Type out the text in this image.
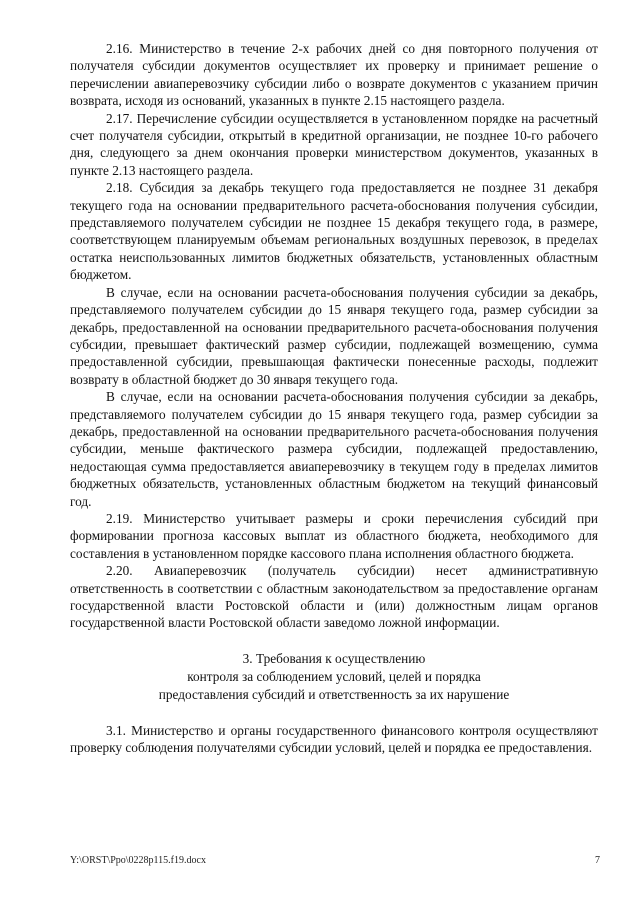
2.16. Министерство в течение 2-х рабочих дней со дня повторного получения от получателя субсидии документов осуществляет их проверку и принимает решение о перечислении авиаперевозчику субсидии либо о возврате документов с указанием причин возврата, исходя из оснований, указанных в пункте 2.15 настоящего раздела.

2.17. Перечисление субсидии осуществляется в установленном порядке на расчетный счет получателя субсидии, открытый в кредитной организации, не позднее 10-го рабочего дня, следующего за днем окончания проверки министерством документов, указанных в пункте 2.13 настоящего раздела.

2.18. Субсидия за декабрь текущего года предоставляется не позднее 31 декабря текущего года на основании предварительного расчета-обоснования получения субсидии, представляемого получателем субсидии не позднее 15 декабря текущего года, в размере, соответствующем планируемым объемам региональных воздушных перевозок, в пределах остатка неиспользованных лимитов бюджетных обязательств, установленных областным бюджетом.

В случае, если на основании расчета-обоснования получения субсидии за декабрь, представляемого получателем субсидии до 15 января текущего года, размер субсидии за декабрь, предоставленной на основании предварительного расчета-обоснования получения субсидии, превышает фактический размер субсидии, подлежащей возмещению, сумма предоставленной субсидии, превышающая фактически понесенные расходы, подлежит возврату в областной бюджет до 30 января текущего года.

В случае, если на основании расчета-обоснования получения субсидии за декабрь, представляемого получателем субсидии до 15 января текущего года, размер субсидии за декабрь, предоставленной на основании предварительного расчета-обоснования получения субсидии, меньше фактического размера субсидии, подлежащей предоставлению, недостающая сумма предоставляется авиаперевозчику в текущем году в пределах лимитов бюджетных обязательств, установленных областным бюджетом на текущий финансовый год.

2.19. Министерство учитывает размеры и сроки перечисления субсидий при формировании прогноза кассовых выплат из областного бюджета, необходимого для составления в установленном порядке кассового плана исполнения областного бюджета.

2.20. Авиаперевозчик (получатель субсидии) несет административную ответственность в соответствии с областным законодательством за предоставление органам государственной власти Ростовской области и (или) должностным лицам органов государственной власти Ростовской области заведомо ложной информации.

3. Требования к осуществлению
контроля за соблюдением условий, целей и порядка
предоставления субсидий и ответственность за их нарушение

3.1. Министерство и органы государственного финансового контроля осуществляют проверку соблюдения получателями субсидии условий, целей и порядка ее предоставления.

Y:\ORST\Ppo\0228p115.f19.docx	7
